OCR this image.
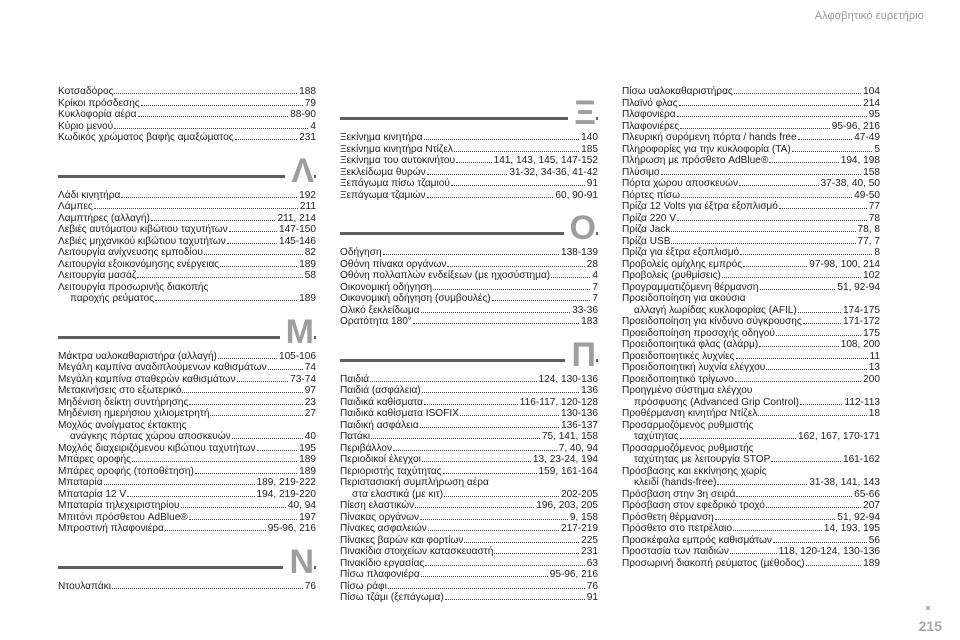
Αλφαβητικό ευρετήριο
Κοτσαδόρος	188
Κρίκοι πρόσδεσης	79
Κυκλοφορία αέρα	88-90
Κύριο μενού	4
Κωδικός χρώματος βαφής αμαξώματος	231
Λ
Λάδι κινητήρα	192
Λάμπες	211
Λαμπτήρες (αλλαγή)	211, 214
Λεβιές αυτόματου κιβώτιου ταχυτήτων	147-150
Λεβιές μηχανικού κιβώτιου ταχυτήτων	145-146
Λειτουργία ανίχνευσης εμποδίου	82
Λειτουργία εξοικονόμησης ενέργειας	189
Λειτουργία μασάζ	58
Λειτουργία προσωρινής διακοπής
παροχής ρεύματος	189
Μ
Μάκτρα υαλοκαθαριστήρα (αλλαγή)	105-106
Μεγάλη καμπίνα αναδιπλούμενων καθισμάτων	74
Μεγάλη καμπίνα σταθερών καθισμάτων	73-74
Μετακινήσεις στο εξωτερικό	97
Μηδένιση δείκτη συντήρησης	23
Μηδένιση ημερήσιου χιλιομετρητή	27
Μοχλός ανοίγματος έκτακτης
ανάγκης πόρτας χώρου αποσκευών	40
Μοχλός διαχειριζόμενου κιβώτιου ταχυτήτων	195
Μπάρες οροφής	189
Μπάρες οροφής (τοποθέτηση)	189
Μπαταρία	189, 219-222
Μπαταρία 12 V	194, 219-220
Μπαταρία τηλεχειριστηρίου	40, 94
Μπιτόνι πρόσθετου AdBlue®	197
Μπροστινή πλαφονιέρα	95-96, 216
Ν
Ντουλαπάκι	76
Ξ
Ξεκίνημα κινητήρα	140
Ξεκίνημα κινητήρα Ντίζελ	185
Ξεκίνημα του αυτοκινήτου	141, 143, 145, 147-152
Ξεκλείδωμα θυρών	31-32, 34-36, 41-42
Ξεπάγωμα πίσω τζαμιού	91
Ξεπάγωμα τζαμιών	60, 90-91
Ο
Οδήγηση	138-139
Οθόνη πίνακα οργάνων	28
Οθόνη πολλαπλών ενδείξεων (με ηχοσύστημα)	4
Οικονομική οδήγηση	7
Οικονομική οδήγηση (συμβουλές)	7
Ολικό ξεκλείδωμα	33-36
Ορατότητα 180°	183
Π
Παιδιά	124, 130-136
Παιδιά (ασφάλεια)	136
Παιδικά καθίσματα	116-117, 120-128
Παιδικά καθίσματα ISOFIX	130-136
Παιδική ασφάλεια	136-137
Πατάκι	75, 141, 158
Περιβάλλον	7, 40, 94
Περιοδικοί έλεγχοι	13, 23-24, 194
Περιοριστής ταχύτητας	159, 161-164
Περιστασιακή συμπλήρωση αέρα
στα ελαστικά (με κιτ)	202-205
Πίεση ελαστικών	196, 203, 205
Πίνακας οργάνων	9, 158
Πίνακες ασφαλειών	217-219
Πίνακες βαρών και φορτίων	225
Πινακίδια στοιχείων κατασκευαστή	231
Πινακίδιο εργασίας	63
Πίσω πλαφονιέρα	95-96, 216
Πίσω ράφι	76
Πίσω τζάμι (ξεπάγωμα)	91
Πίσω υαλοκαθαριστήρας	104
Πλαϊνό φλας	214
Πλαφονιέρα	95
Πλαφονιέρες	95-96, 216
Πλευρική συρόμενη πόρτα / hands free	47-49
Πληροφορίες για την κυκλοφορία (TA)	5
Πλήρωση με πρόσθετο AdBlue®	194, 198
Πλύσιμο	158
Πόρτα χώρου αποσκευών	37-38, 40, 50
Πόρτες πίσω	49-50
Πρίζα 12 Volts για έξτρα εξοπλισμό	77
Πρίζα 220 V	78
Πρίζα Jack	78, 8
Πρίζα USB	77, 7
Πρίζα για έξτρα εξοπλισμό	8
Προβολείς ομίχλης εμπρός	97-98, 100, 214
Προβολείς (ρυθμίσεις)	102
Προγραμματιζόμενη θέρμανση	51, 92-94
Προειδοποίηση για ακούσια
αλλαγή λωρίδας κυκλοφορίας (AFIL)	174-175
Προειδοποίηση για κίνδυνο σύγκρουσης	171-172
Προειδοποίηση προσοχής οδηγού	175
Προειδοποιητικά φλας (αλάρμ)	108, 200
Προειδοποιητικές λυχνίες	11
Προειδοποιητική λυχνία ελέγχου	13
Προειδοποιητικό τρίγωνο	200
Προηγμένο σύστημα ελέγχου
πρόσφυσης (Advanced Grip Control)	112-113
Προθέρμανση κινητήρα Ντίζελ	18
Προσαρμοζόμενος ρυθμιστής
ταχύτητας	162, 167, 170-171
Προσαρμοζόμενος ρυθμιστής
ταχύτητας με λειτουργία STOP	161-162
Πρόσβασης και εκκίνησης χωρίς
κλειδί (hands-free)	31-38, 141, 143
Πρόσβαση στην 3η σειρά	65-66
Πρόσβαση στον εφεδρικό τροχό	207
Πρόσθετη θέρμανση	51, 92-94
Πρόσθετο στο πετρέλαιο	14, 193, 195
Προσκέφαλα εμπρός καθισμάτων	56
Προστασία των παιδιών	118, 120-124, 130-136
Προσωρινή διακοπή ρεύματος (μέθοδος)	189
215
